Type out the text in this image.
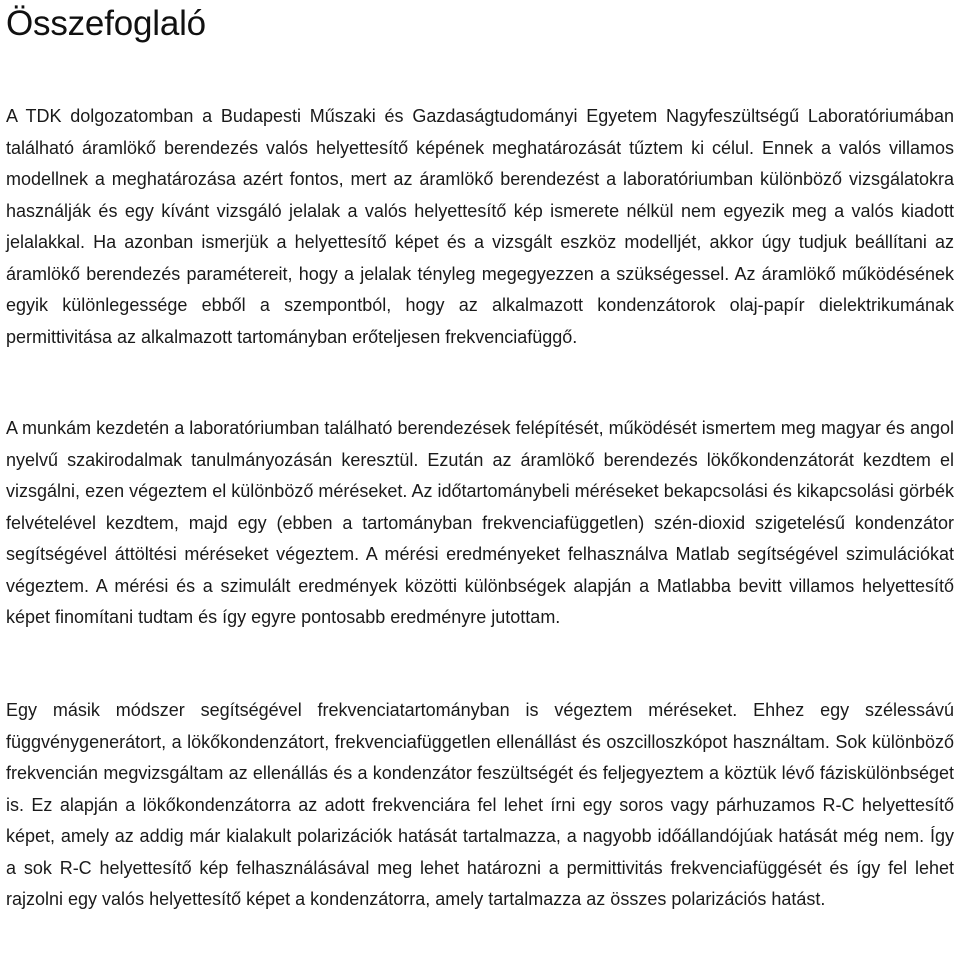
Összefoglaló

A TDK dolgozatomban a Budapesti Műszaki és Gazdaságtudományi Egyetem Nagyfeszültségű Laboratóriumában található áramlökő berendezés valós helyettesítő képének meghatározását tűztem ki célul. Ennek a valós villamos modellnek a meghatározása azért fontos, mert az áramlökő berendezést a laboratóriumban különböző vizsgálatokra használják és egy kívánt vizsgáló jelalak a valós helyettesítő kép ismerete nélkül nem egyezik meg a valós kiadott jelalakkal. Ha azonban ismerjük a helyettesítő képet és a vizsgált eszköz modelljét, akkor úgy tudjuk beállítani az áramlökő berendezés paramétereit, hogy a jelalak tényleg megegyezzen a szükségessel. Az áramlökő működésének egyik különlegessége ebből a szempontból, hogy az alkalmazott kondenzátorok olaj-papír dielektrikumának permittivitása az alkalmazott tartományban erőteljesen frekvenciafüggő.

A munkám kezdetén a laboratóriumban található berendezések felépítését, működését ismertem meg magyar és angol nyelvű szakirodalmak tanulmányozásán keresztül. Ezután az áramlökő berendezés lökőkondenzátorát kezdtem el vizsgálni, ezen végeztem el különböző méréseket. Az időtartománybeli méréseket bekapcsolási és kikapcsolási görbék felvételével kezdtem, majd egy (ebben a tartományban frekvenciafüggetlen) szén-dioxid szigetelésű kondenzátor segítségével áttöltési méréseket végeztem. A mérési eredményeket felhasználva Matlab segítségével szimulációkat végeztem. A mérési és a szimulált eredmények közötti különbségek alapján a Matlabba bevitt villamos helyettesítő képet finomítani tudtam és így egyre pontosabb eredményre jutottam.

Egy másik módszer segítségével frekvenciatartományban is végeztem méréseket. Ehhez egy szélessávú függvénygenerátort, a lökőkondenzátort, frekvenciafüggetlen ellenállást és oszcilloszkópot használtam. Sok különböző frekvencián megvizsgáltam az ellenállás és a kondenzátor feszültségét és feljegyeztem a köztük lévő fáziskülönbséget is. Ez alapján a lökőkondenzátorra az adott frekvenciára fel lehet írni egy soros vagy párhuzamos R-C helyettesítő képet, amely az addig már kialakult polarizációk hatását tartalmazza, a nagyobb időállandójúak hatását még nem. Így a sok R-C helyettesítő kép felhasználásával meg lehet határozni a permittivitás frekvenciafüggését és így fel lehet rajzolni egy valós helyettesítő képet a kondenzátorra, amely tartalmazza az összes polarizációs hatást.
